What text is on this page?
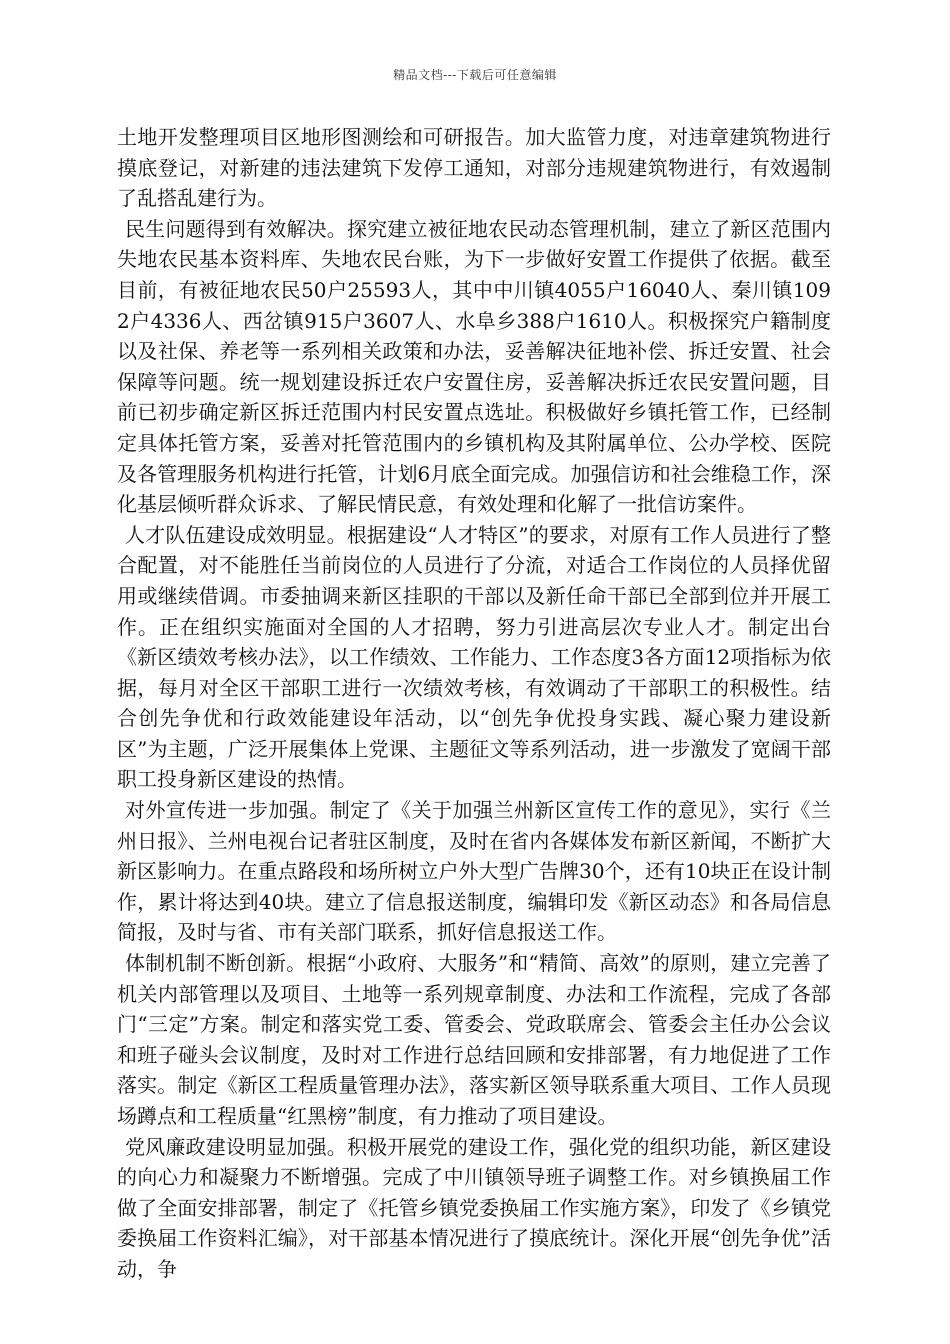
精品文档---下载后可任意编辑

土地开发整理项目区地形图测绘和可研报告。加大监管力度，对违章建筑物进行摸底登记，对新建的违法建筑下发停工通知，对部分违规建筑物进行，有效遏制了乱搭乱建行为。

民生问题得到有效解决。探究建立被征地农民动态管理机制，建立了新区范围内失地农民基本资料库、失地农民台账，为下一步做好安置工作提供了依据。截至目前，有被征地农民50户25593人，其中中川镇4055户16040人、秦川镇1092户4336人、西岔镇915户3607人、水阜乡388户1610人。积极探究户籍制度以及社保、养老等一系列相关政策和办法，妥善解决征地补偿、拆迁安置、社会保障等问题。统一规划建设拆迁农户安置住房，妥善解决拆迁农民安置问题，目前已初步确定新区拆迁范围内村民安置点选址。积极做好乡镇托管工作，已经制定具体托管方案，妥善对托管范围内的乡镇机构及其附属单位、公办学校、医院及各管理服务机构进行托管，计划6月底全面完成。加强信访和社会维稳工作，深化基层倾听群众诉求、了解民情民意，有效处理和化解了一批信访案件。

人才队伍建设成效明显。根据建设“人才特区”的要求，对原有工作人员进行了整合配置，对不能胜任当前岗位的人员进行了分流，对适合工作岗位的人员择优留用或继续借调。市委抽调来新区挂职的干部以及新任命干部已全部到位并开展工作。正在组织实施面对全国的人才招聘，努力引进高层次专业人才。制定出台《新区绩效考核办法》，以工作绩效、工作能力、工作态度3各方面12项指标为依据，每月对全区干部职工进行一次绩效考核，有效调动了干部职工的积极性。结合创先争优和行政效能建设年活动，以“创先争优投身实践、凝心聚力建设新区”为主题，广泛开展集体上党课、主题征文等系列活动，进一步激发了宽阔干部职工投身新区建设的热情。

对外宣传进一步加强。制定了《关于加强兰州新区宣传工作的意见》，实行《兰州日报》、兰州电视台记者驻区制度，及时在省内各媒体发布新区新闻，不断扩大新区影响力。在重点路段和场所树立户外大型广告牌30个，还有10块正在设计制作，累计将达到40块。建立了信息报送制度，编辑印发《新区动态》和各局信息简报，及时与省、市有关部门联系，抓好信息报送工作。

体制机制不断创新。根据“小政府、大服务”和“精简、高效”的原则，建立完善了机关内部管理以及项目、土地等一系列规章制度、办法和工作流程，完成了各部门“三定”方案。制定和落实党工委、管委会、党政联席会、管委会主任办公会议和班子碰头会议制度，及时对工作进行总结回顾和安排部署，有力地促进了工作落实。制定《新区工程质量管理办法》，落实新区领导联系重大项目、工作人员现场蹲点和工程质量“红黑榜”制度，有力推动了项目建设。

党风廉政建设明显加强。积极开展党的建设工作，强化党的组织功能，新区建设的向心力和凝聚力不断增强。完成了中川镇领导班子调整工作。对乡镇换届工作做了全面安排部署，制定了《托管乡镇党委换届工作实施方案》，印发了《乡镇党委换届工作资料汇编》，对干部基本情况进行了摸底统计。深化开展“创先争优”活动，争
